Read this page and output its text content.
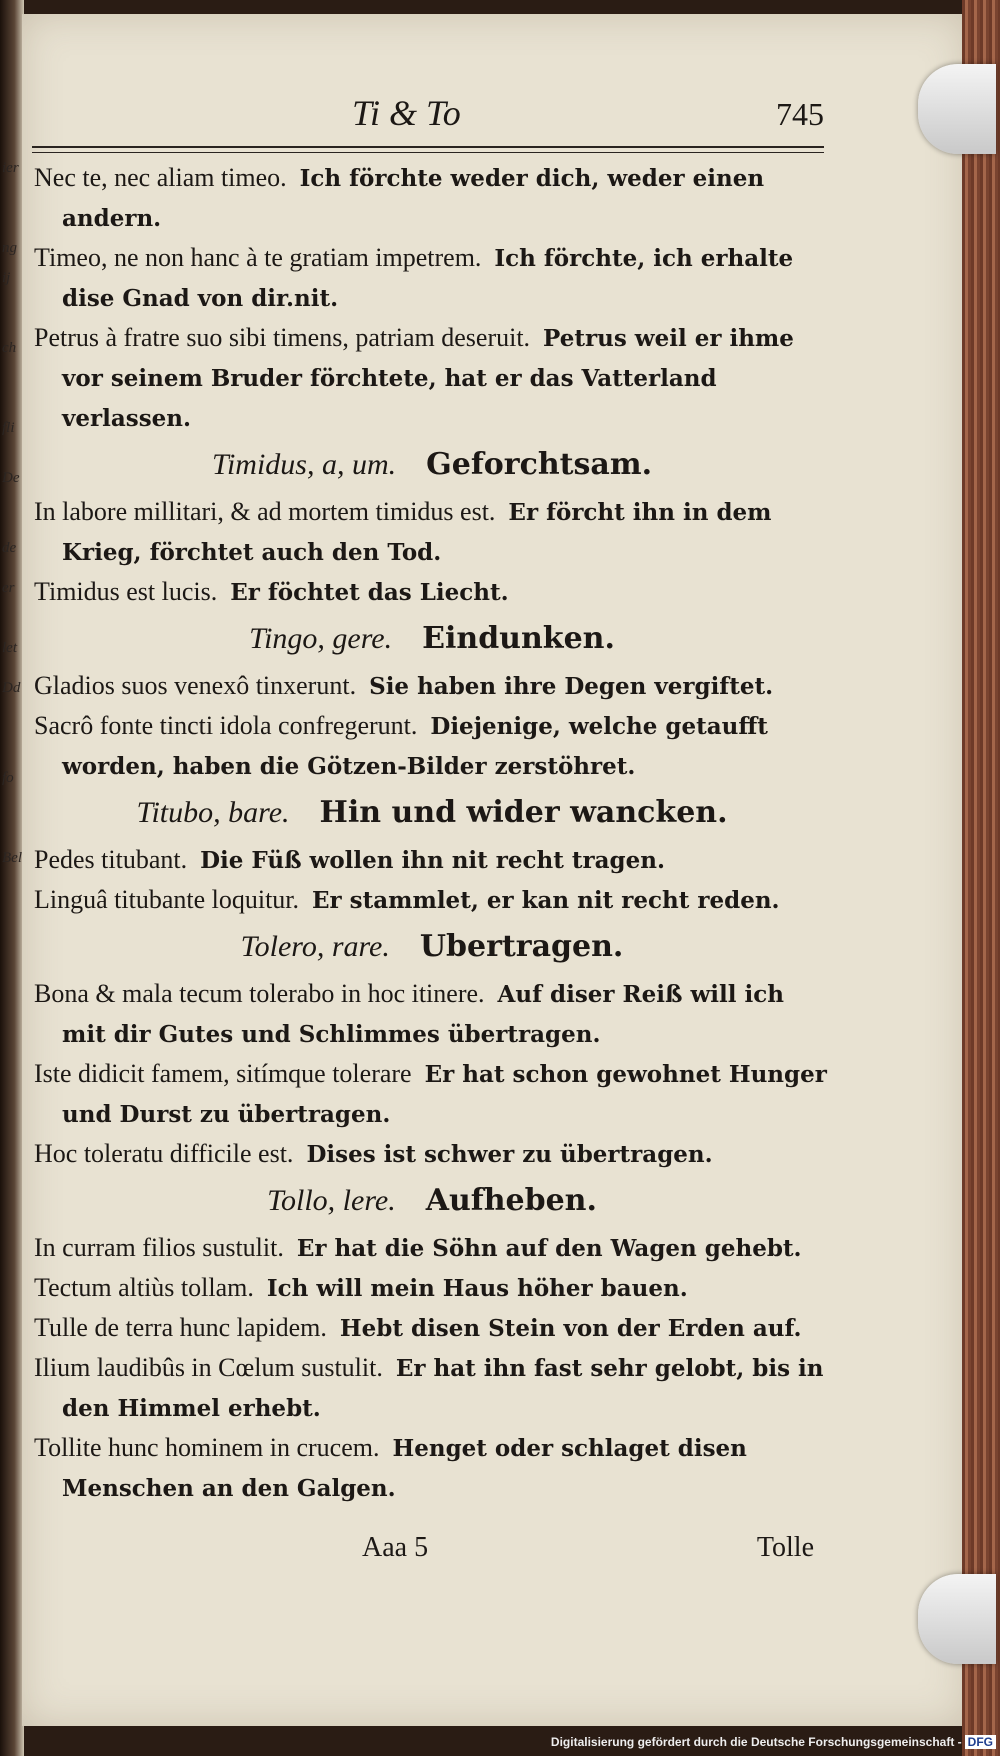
ier
ng
ij
ch
fli
De
de
er
let
Dd
fo
Bel
Ti & To	745

Nec te, nec aliam timeo.  Ich förchte weder dich, weder einen andern.

Timeo, ne non hanc à te gratiam impetrem.  Ich förchte, ich erhalte dise Gnad von dir.nit.

Petrus à fratre suo sibi timens, patriam deseruit.  Petrus weil er ihme vor seinem Bruder förchtete, hat er das Vatterland verlassen.

Timidus, a, um.  Geforchtsam.

In labore millitari, & ad mortem timidus est.  Er förcht ihn in dem Krieg, förchtet auch den Tod.

Timidus est lucis.  Er föchtet das Liecht.

Tingo, gere.  Eindunken.

Gladios suos venexô tinxerunt.  Sie haben ihre Degen vergiftet.

Sacrô fonte tincti idola confregerunt.  Diejenige, welche getaufft worden, haben die Götzen-Bilder zerstöhret.

Titubo, bare.  Hin und wider wancken.

Pedes titubant.  Die Füß wollen ihn nit recht tragen.

Linguâ titubante loquitur.  Er stammlet, er kan nit recht reden.

Tolero, rare.  Ubertragen.

Bona & mala tecum tolerabo in hoc itinere.  Auf diser Reiß will ich mit dir Gutes und Schlimmes übertragen.

Iste didicit famem, sitímque tolerare  Er hat schon gewohnet Hunger und Durst zu übertragen.

Hoc toleratu difficile est.  Dises ist schwer zu übertragen.

Tollo, lere.  Aufheben.

In curram filios sustulit.  Er hat die Söhn auf den Wagen gehebt.

Tectum altiùs tollam.  Ich will mein Haus höher bauen.

Tulle de terra hunc lapidem.  Hebt disen Stein von der Erden auf.

Ilium laudibûs in Cœlum sustulit.  Er hat ihn fast sehr gelobt, bis in den Himmel erhebt.

Tollite hunc hominem in crucem.  Henget oder schlaget disen Menschen an den Galgen.

Aaa 5	Tolle
Digitalisierung gefördert durch die Deutsche Forschungsgemeinschaft - DFG
